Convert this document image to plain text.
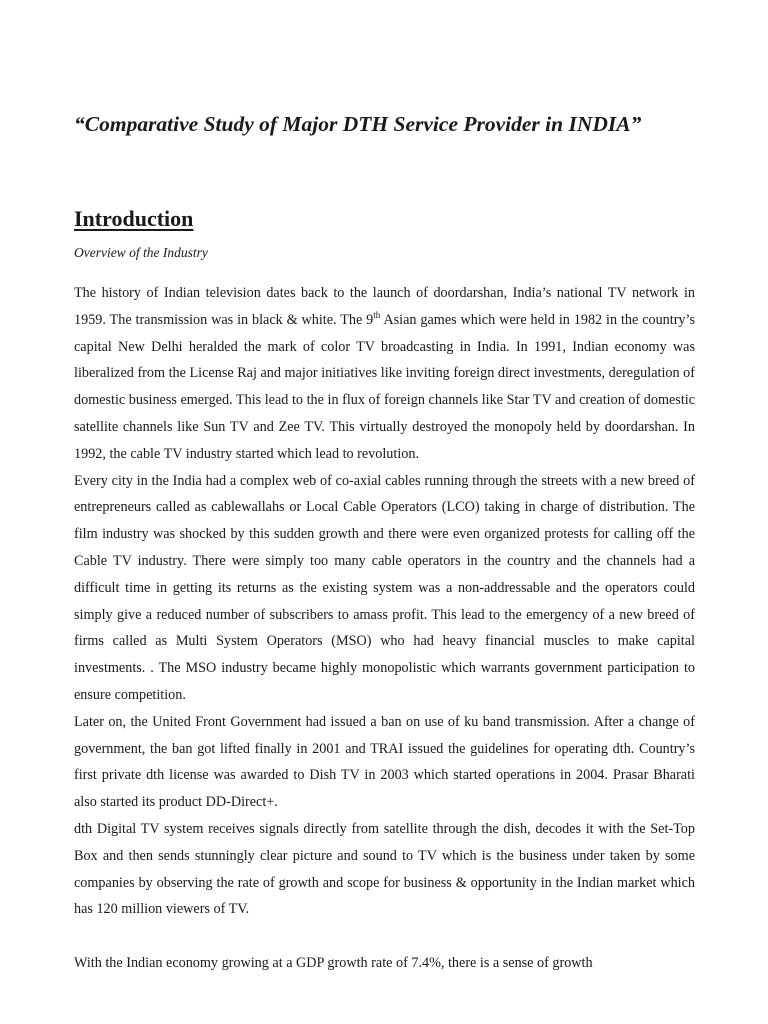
“Comparative Study of Major DTH Service Provider in INDIA”
Introduction

Overview of the Industry

The history of Indian television dates back to the launch of doordarshan, India’s national TV network in 1959. The transmission was in black & white. The 9th Asian games which were held in 1982 in the country’s capital New Delhi heralded the mark of color TV broadcasting in India. In 1991, Indian economy was liberalized from the License Raj and major initiatives like inviting foreign direct investments, deregulation of domestic business emerged. This lead to the in flux of foreign channels like Star TV and creation of domestic satellite channels like Sun TV and Zee TV. This virtually destroyed the monopoly held by doordarshan. In 1992, the cable TV industry started which lead to revolution.

Every city in the India had a complex web of co-axial cables running through the streets with a new breed of entrepreneurs called as cablewallahs or Local Cable Operators (LCO) taking in charge of distribution. The film industry was shocked by this sudden growth and there were even organized protests for calling off the Cable TV industry. There were simply too many cable operators in the country and the channels had a difficult time in getting its returns as the existing system was a non-addressable and the operators could simply give a reduced number of subscribers to amass profit. This lead to the emergency of a new breed of firms called as Multi System Operators (MSO) who had heavy financial muscles to make capital investments. . The MSO industry became highly monopolistic which warrants government participation to ensure competition.

Later on, the United Front Government had issued a ban on use of ku band transmission. After a change of government, the ban got lifted finally in 2001 and TRAI issued the guidelines for operating dth. Country’s first private dth license was awarded to Dish TV in 2003 which started operations in 2004. Prasar Bharati also started its product DD-Direct+.

dth Digital TV system receives signals directly from satellite through the dish, decodes it with the Set-Top Box and then sends stunningly clear picture and sound to TV which is the business under taken by some companies by observing the rate of growth and scope for business & opportunity in the Indian market which has 120 million viewers of TV.

With the Indian economy growing at a GDP growth rate of 7.4%, there is a sense of growth
